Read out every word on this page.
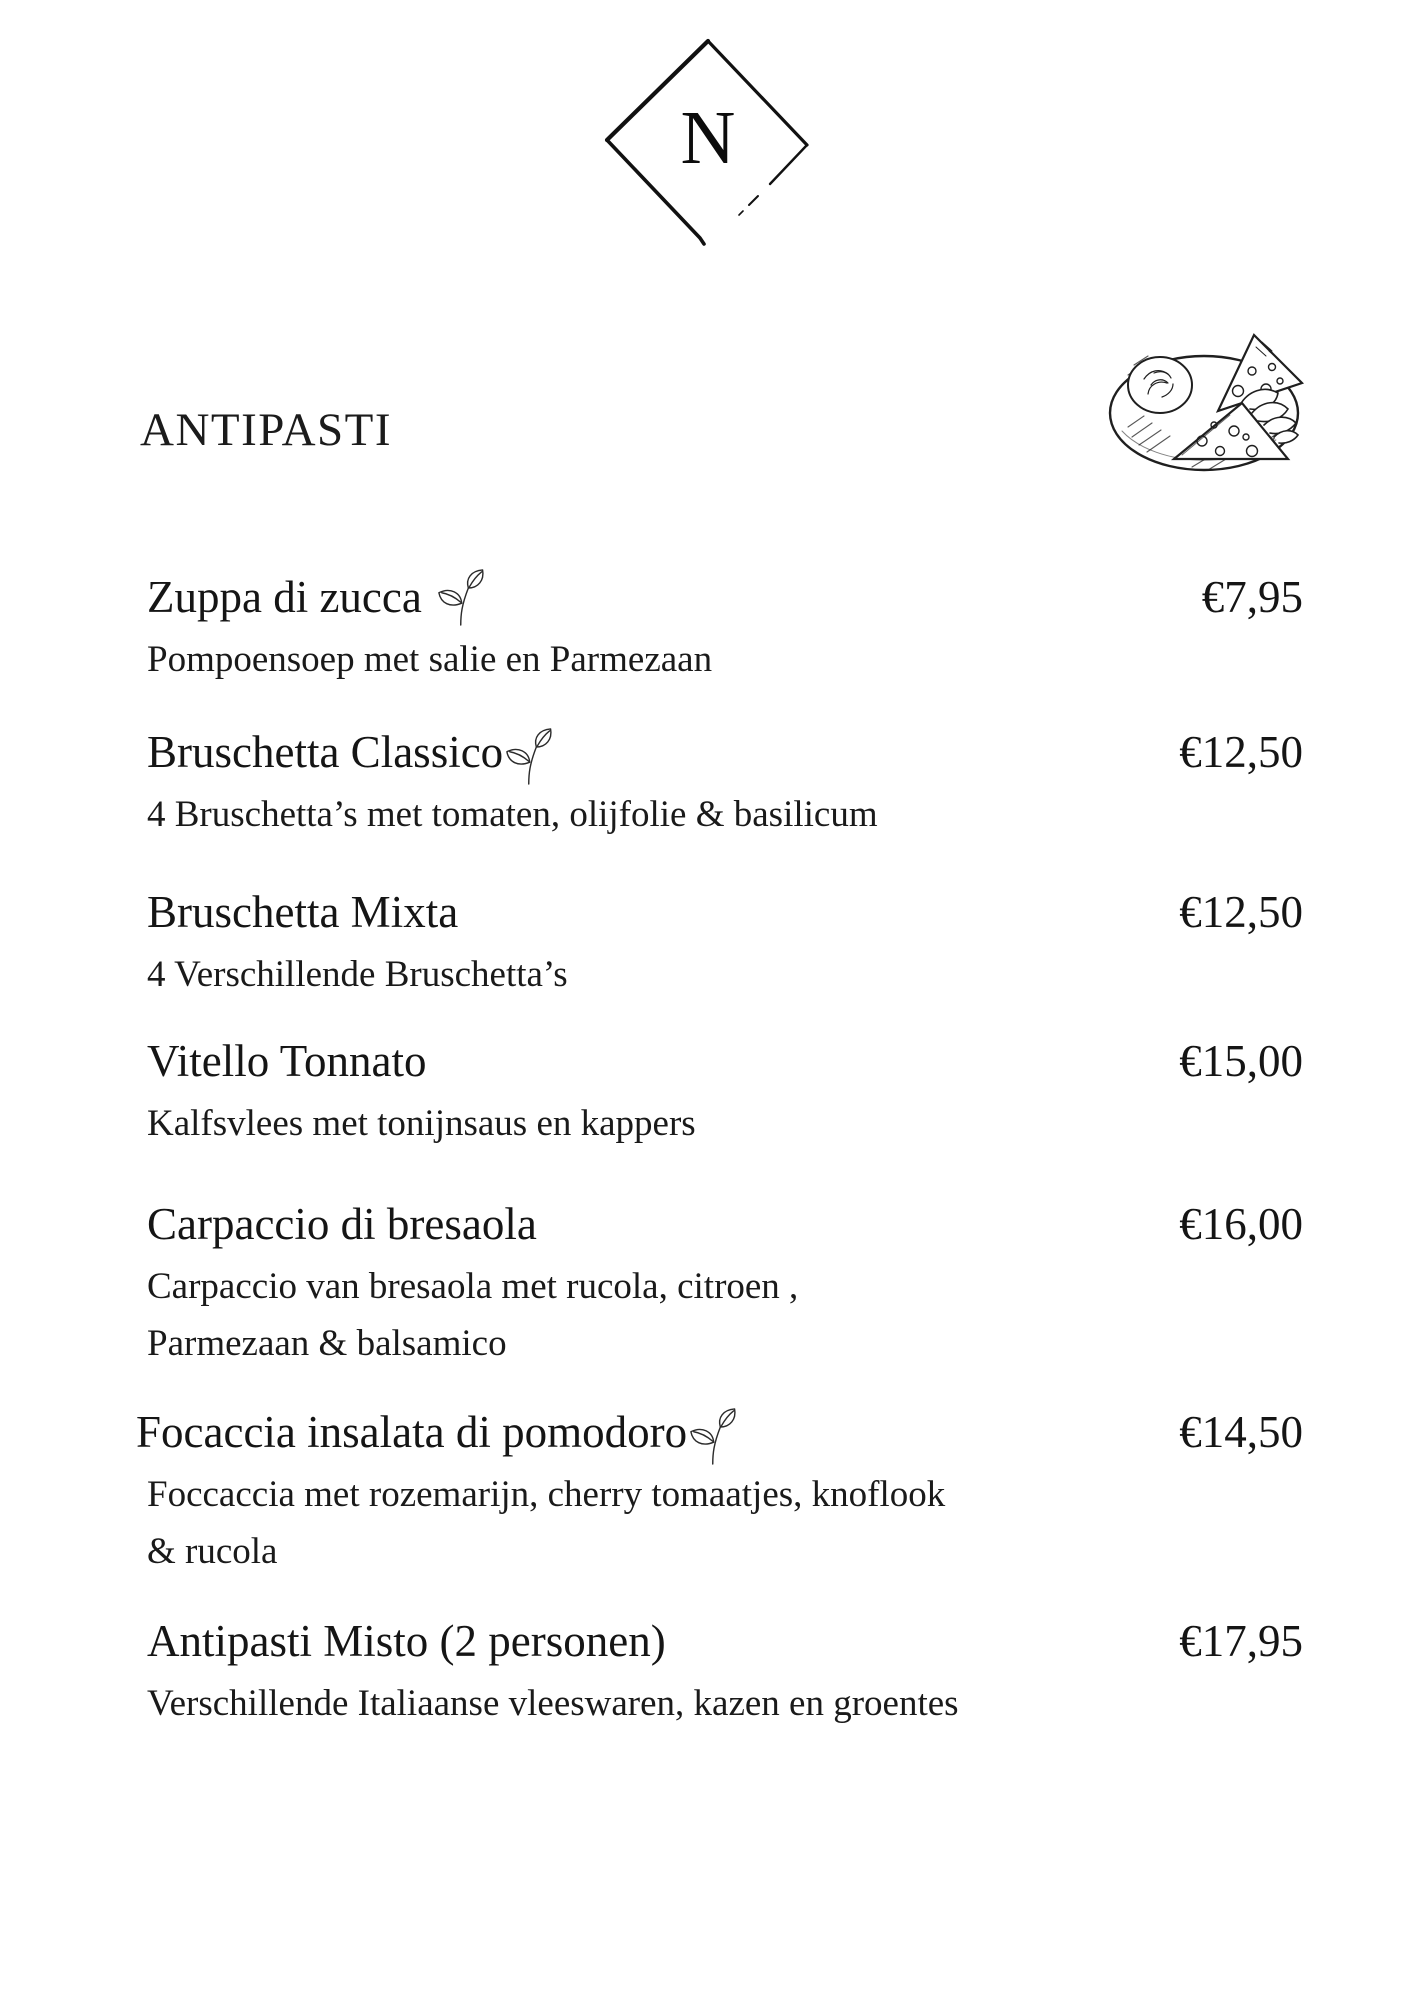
N
ANTIPASTI
Zuppa di zucca
Pompoensoep met salie en Parmezaan
€7,95
Bruschetta Classico
4 Bruschetta’s met tomaten, olijfolie & basilicum
€12,50
Bruschetta Mixta
4 Verschillende Bruschetta’s
€12,50
Vitello Tonnato
Kalfsvlees met tonijnsaus en kappers
€15,00
Carpaccio di bresaola
Carpaccio van bresaola met rucola, citroen ,
Parmezaan & balsamico
€16,00
Focaccia insalata di pomodoro
Foccaccia met rozemarijn, cherry tomaatjes, knoflook
& rucola
€14,50
Antipasti Misto (2 personen)
Verschillende Italiaanse vleeswaren, kazen en groentes
€17,95
